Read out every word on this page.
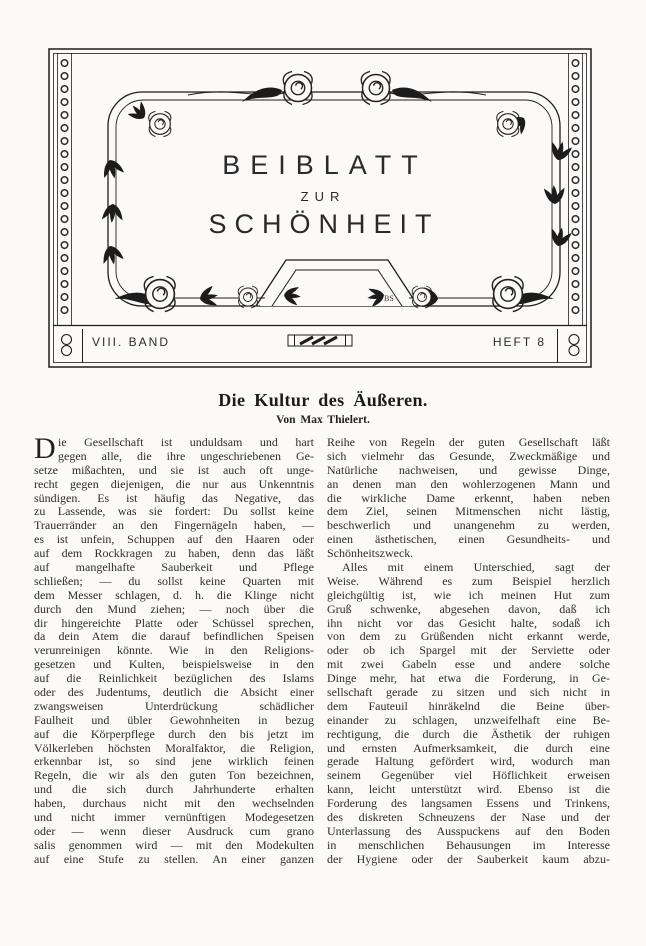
BS
BEIBLATT
ZUR
SCHÖNHEIT
VIII. BAND	HEFT 8
Die Kultur des Äußeren.
Von Max Thielert.
D ie Gesellschaft ist unduldsam und hart
gegen alle, die ihre ungeschriebenen Ge-
setze mißachten, und sie ist auch oft unge-
recht gegen diejenigen, die nur aus Unkenntnis
sündigen. Es ist häufig das Negative, das
zu Lassende, was sie fordert: Du sollst keine
Trauerränder an den Fingernägeln haben, —
es ist unfein, Schuppen auf den Haaren oder
auf dem Rockkragen zu haben, denn das läßt
auf mangelhafte Sauberkeit und Pflege
schließen; — du sollst keine Quarten mit
dem Messer schlagen, d. h. die Klinge nicht
durch den Mund ziehen; — noch über die
dir hingereichte Platte oder Schüssel sprechen,
da dein Atem die darauf befindlichen Speisen
verunreinigen könnte. Wie in den Religions-
gesetzen und Kulten, beispielsweise in den
auf die Reinlichkeit bezüglichen des Islams
oder des Judentums, deutlich die Absicht einer
zwangsweisen Unterdrückung schädlicher
Faulheit und übler Gewohnheiten in bezug
auf die Körperpflege durch den bis jetzt im
Völkerleben höchsten Moralfaktor, die Religion,
erkennbar ist, so sind jene wirklich feinen
Regeln, die wir als den guten Ton bezeichnen,
und die sich durch Jahrhunderte erhalten
haben, durchaus nicht mit den wechselnden
und nicht immer vernünftigen Modegesetzen
oder — wenn dieser Ausdruck cum grano
salis genommen wird — mit den Modekulten
auf eine Stufe zu stellen. An einer ganzen
Reihe von Regeln der guten Gesellschaft läßt
sich vielmehr das Gesunde, Zweckmäßige und
Natürliche nachweisen, und gewisse Dinge,
an denen man den wohlerzogenen Mann und
die wirkliche Dame erkennt, haben neben
dem Ziel, seinen Mitmenschen nicht lästig,
beschwerlich und unangenehm zu werden,
einen ästhetischen, einen Gesundheits- und
Schönheitszweck.
Alles mit einem Unterschied, sagt der
Weise. Während es zum Beispiel herzlich
gleichgültig ist, wie ich meinen Hut zum
Gruß schwenke, abgesehen davon, daß ich
ihn nicht vor das Gesicht halte, sodaß ich
von dem zu Grüßenden nicht erkannt werde,
oder ob ich Spargel mit der Serviette oder
mit zwei Gabeln esse und andere solche
Dinge mehr, hat etwa die Forderung, in Ge-
sellschaft gerade zu sitzen und sich nicht in
dem Fauteuil hinräkelnd die Beine über-
einander zu schlagen, unzweifelhaft eine Be-
rechtigung, die durch die Ästhetik der ruhigen
und ernsten Aufmerksamkeit, die durch eine
gerade Haltung gefördert wird, wodurch man
seinem Gegenüber viel Höflichkeit erweisen
kann, leicht unterstützt wird. Ebenso ist die
Forderung des langsamen Essens und Trinkens,
des diskreten Schneuzens der Nase und der
Unterlassung des Ausspuckens auf den Boden
in menschlichen Behausungen im Interesse
der Hygiene oder der Sauberkeit kaum abzu-
